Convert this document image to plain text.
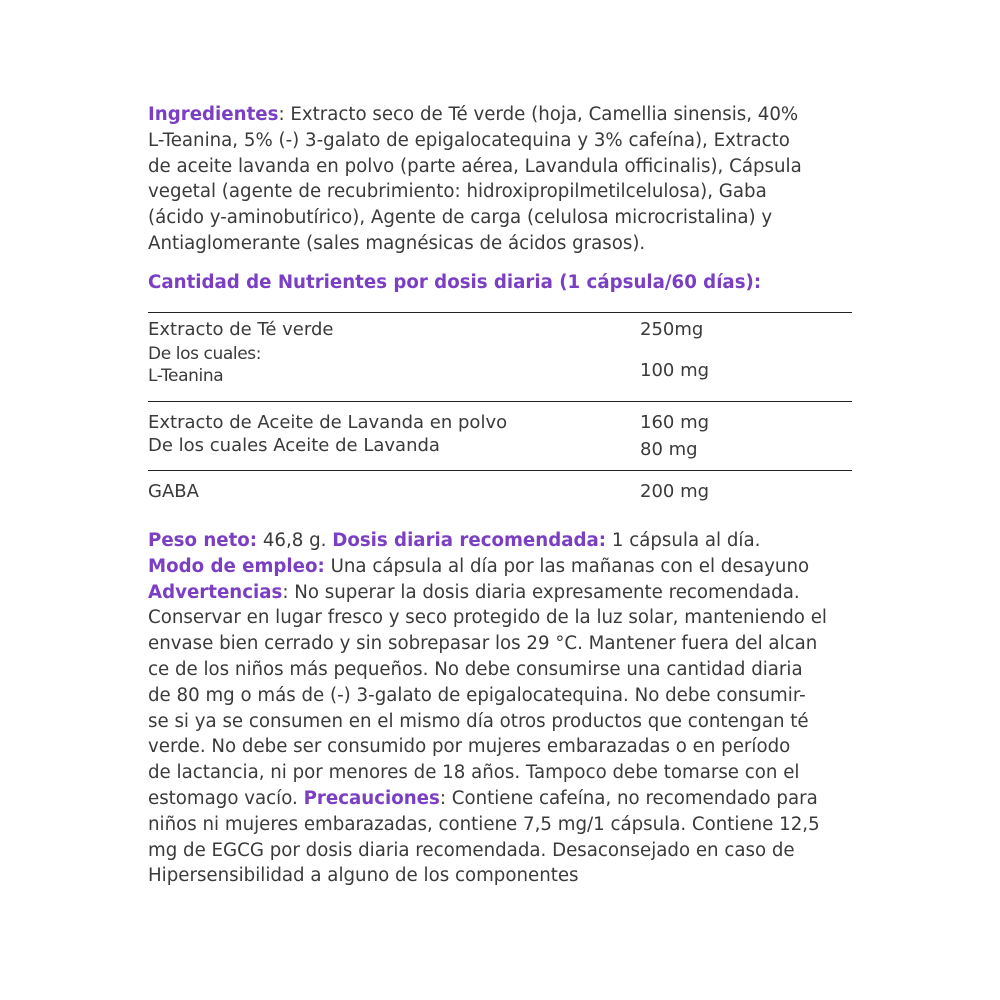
Ingredientes: Extracto seco de Té verde (hoja, Camellia sinensis, 40%
L-Teanina, 5% (-) 3-galato de epigalocatequina y 3% cafeína), Extracto
de aceite lavanda en polvo (parte aérea, Lavandula officinalis), Cápsula
vegetal (agente de recubrimiento: hidroxipropilmetilcelulosa), Gaba
(ácido y-aminobutírico), Agente de carga (celulosa microcristalina) y
Antiaglomerante (sales magnésicas de ácidos grasos).
Cantidad de Nutrientes por dosis diaria (1 cápsula/60 días):
Extracto de Té verde	250mg
De los cuales:
L-Teanina	100 mg
Extracto de Aceite de Lavanda en polvo	160 mg
De los cuales Aceite de Lavanda	80 mg
GABA	200 mg
Peso neto: 46,8 g. Dosis diaria recomendada: 1 cápsula al día.
Modo de empleo: Una cápsula al día por las mañanas con el desayuno
Advertencias: No superar la dosis diaria expresamente recomendada.
Conservar en lugar fresco y seco protegido de la luz solar, manteniendo el
envase bien cerrado y sin sobrepasar los 29 °C. Mantener fuera del alcan
ce de los niños más pequeños. No debe consumirse una cantidad diaria
de 80 mg o más de (-) 3-galato de epigalocatequina. No debe consumir-
se si ya se consumen en el mismo día otros productos que contengan té
verde. No debe ser consumido por mujeres embarazadas o en período
de lactancia, ni por menores de 18 años. Tampoco debe tomarse con el
estomago vacío. Precauciones: Contiene cafeína, no recomendado para
niños ni mujeres embarazadas, contiene 7,5 mg/1 cápsula. Contiene 12,5
mg de EGCG por dosis diaria recomendada. Desaconsejado en caso de
Hipersensibilidad a alguno de los componentes
